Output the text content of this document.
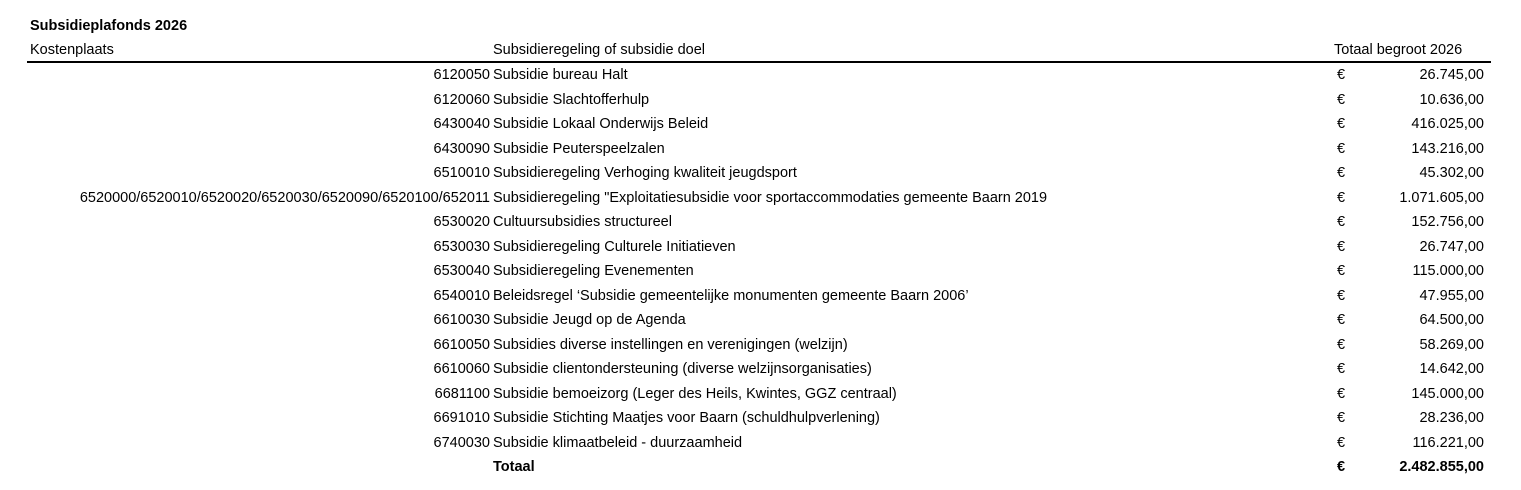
Subsidieplafonds 2026
Kostenplaats	Subsidieregeling of subsidie doel	Totaal begroot 2026
6120050 Subsidie bureau Halt	€	26.745,00
6120060 Subsidie Slachtofferhulp	€	10.636,00
6430040 Subsidie Lokaal Onderwijs Beleid	€	416.025,00
6430090 Subsidie Peuterspeelzalen	€	143.216,00
6510010 Subsidieregeling Verhoging kwaliteit jeugdsport	€	45.302,00
6520000/6520010/6520020/6520030/6520090/6520100/652011 Subsidieregeling "Exploitatiesubsidie voor sportaccommodaties gemeente Baarn 2019	€	1.071.605,00
6530020 Cultuursubsidies structureel	€	152.756,00
6530030 Subsidieregeling Culturele Initiatieven	€	26.747,00
6530040 Subsidieregeling Evenementen	€	115.000,00
6540010 Beleidsregel ‘Subsidie gemeentelijke monumenten gemeente Baarn 2006’	€	47.955,00
6610030 Subsidie Jeugd op de Agenda	€	64.500,00
6610050 Subsidies diverse instellingen en verenigingen (welzijn)	€	58.269,00
6610060 Subsidie clientondersteuning (diverse welzijnsorganisaties)	€	14.642,00
6681100 Subsidie bemoeizorg (Leger des Heils, Kwintes, GGZ centraal)	€	145.000,00
6691010 Subsidie Stichting Maatjes voor Baarn (schuldhulpverlening)	€	28.236,00
6740030 Subsidie klimaatbeleid - duurzaamheid	€	116.221,00
Totaal	€	2.482.855,00
